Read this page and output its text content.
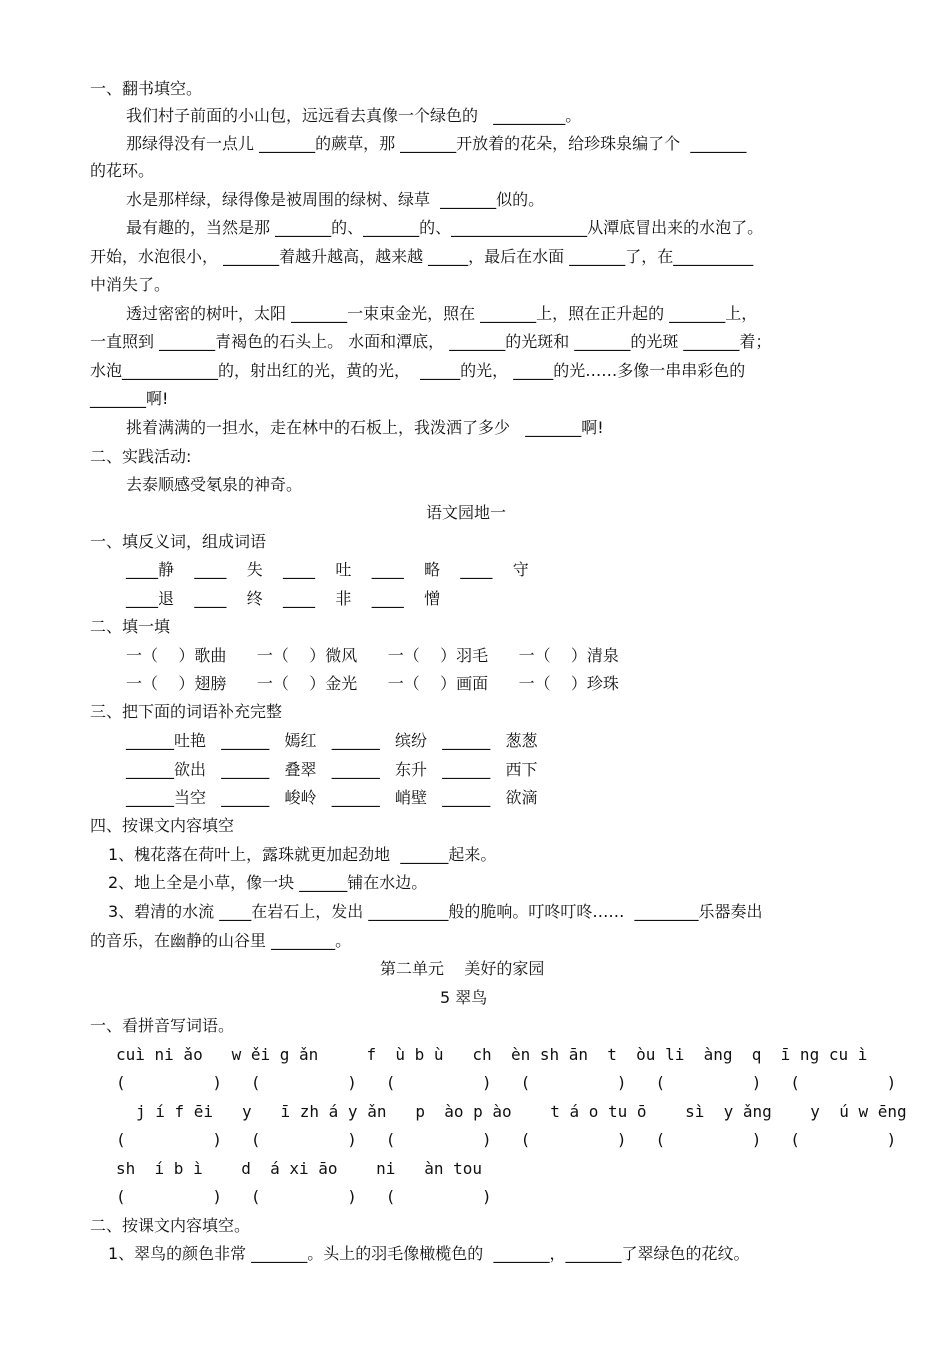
一、翻书填空。
我们村子前面的小山包，远远看去真像一个绿色的   _________。
那绿得没有一点儿 _______的蕨草，那 _______开放着的花朵，给珍珠泉编了个  _______
的花环。
水是那样绿，绿得像是被周围的绿树、绿草  _______似的。
最有趣的，当然是那 _______的、_______的、_________________从潭底冒出来的水泡了。
开始，水泡很小， _______着越升越高，越来越 _____，最后在水面 _______了，在__________
中消失了。
透过密密的树叶，太阳 _______一束束金光，照在 _______上，照在正升起的 _______上，
一直照到 _______青褐色的石头上。 水面和潭底， _______的光斑和 _______的光斑 _______着；
水泡____________的，射出红的光，黄的光，  _____的光， _____的光……多像一串串彩色的
_______啊!
挑着满满的一担水，走在林中的石板上，我泼洒了多少   _______啊!
二、实践活动:
去泰顺感受氡泉的神奇。
语文园地一
一、填反义词，组成词语
____静    ____    失    ____    吐    ____    略    ____    守
____退    ____    终    ____    非    ____    憎
二、填一填
一（    ）歌曲      一（    ）微风      一（    ）羽毛      一（    ）清泉
一（    ）翅膀      一（    ）金光      一（    ）画面      一（    ）珍珠
三、把下面的词语补充完整
______吐艳   ______   嫣红   ______   缤纷   ______   葱葱
______欲出   ______   叠翠   ______   东升   ______   西下
______当空   ______   峻岭   ______   峭壁   ______   欲滴
四、按课文内容填空
1、槐花落在荷叶上，露珠就更加起劲地  ______起来。
2、地上全是小草，像一块 ______铺在水边。
3、碧清的水流 ____在岩石上，发出 __________般的脆响。叮咚叮咚……  ________乐器奏出
的音乐，在幽静的山谷里 ________。
第二单元    美好的家园
5 翠鸟
一、看拼音写词语。
cuì ni ǎo   w ěi g ǎn     f  ù b ù   ch  èn sh ān  t  òu li  àng  q  ī ng cu ì
(         )   (         )   (         )   (         )   (         )   (         )
j í f ēi   y   ī zh á y ǎn   p  ào p ào    t á o tu ō    sì  y ǎng    y  ú w ēng
(         )   (         )   (         )   (         )   (         )   (         )
sh  í b ì    d  á xi āo    ni   àn tou
(         )   (         )   (         )
二、按课文内容填空。
1、翠鸟的颜色非常 _______。头上的羽毛像橄榄色的  _______，_______了翠绿色的花纹。
